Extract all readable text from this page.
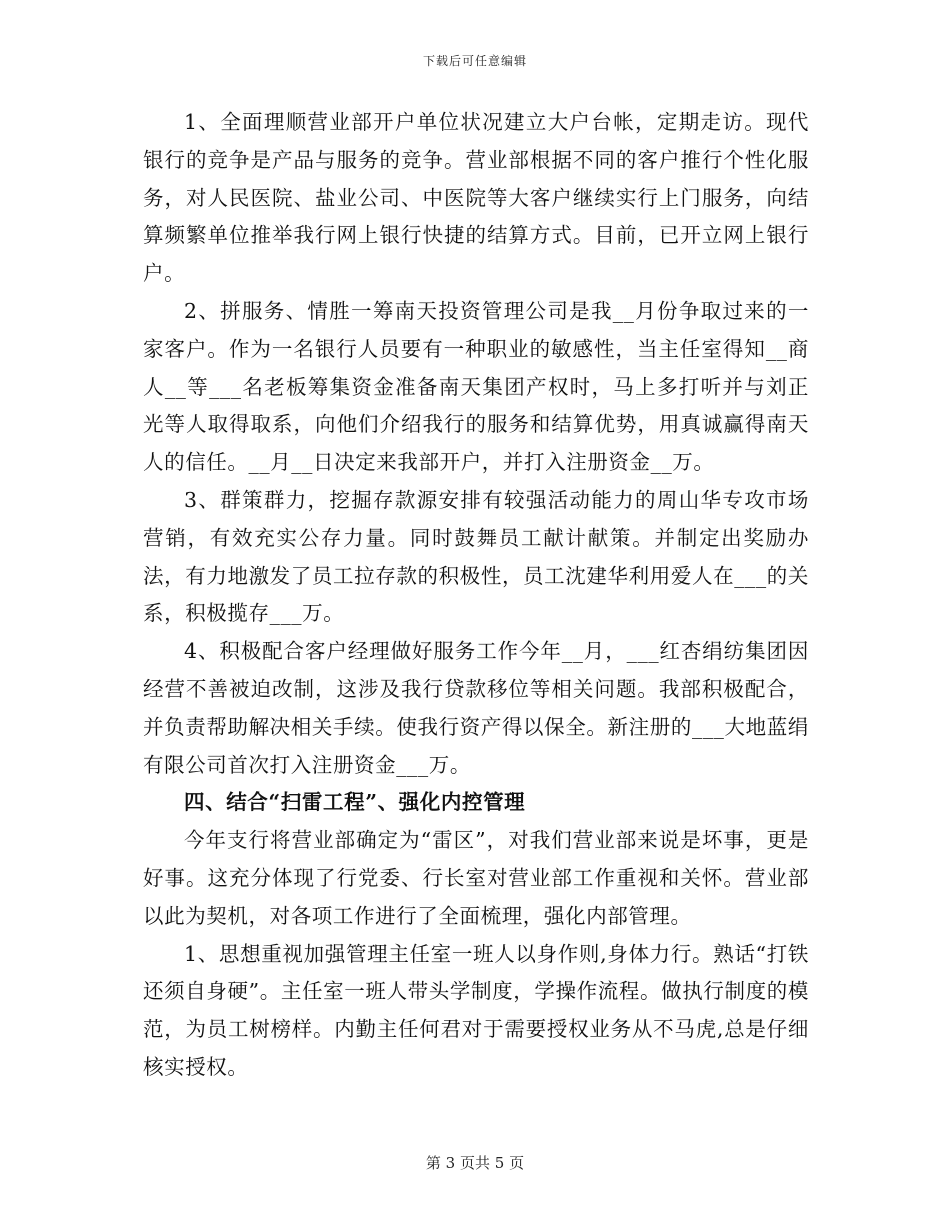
下载后可任意编辑

1、全面理顺营业部开户单位状况建立大户台帐，定期走访。现代银行的竞争是产品与服务的竞争。营业部根据不同的客户推行个性化服务，对人民医院、盐业公司、中医院等大客户继续实行上门服务，向结算频繁单位推举我行网上银行快捷的结算方式。目前，已开立网上银行户。

2、拼服务、情胜一筹南天投资管理公司是我__月份争取过来的一家客户。作为一名银行人员要有一种职业的敏感性，当主任室得知__商人__等___名老板筹集资金准备南天集团产权时，马上多打听并与刘正光等人取得取系，向他们介绍我行的服务和结算优势，用真诚赢得南天人的信任。__月__日决定来我部开户，并打入注册资金__万。

3、群策群力，挖掘存款源安排有较强活动能力的周山华专攻市场营销，有效充实公存力量。同时鼓舞员工献计献策。并制定出奖励办法，有力地激发了员工拉存款的积极性，员工沈建华利用爱人在___的关系，积极揽存___万。

4、积极配合客户经理做好服务工作今年__月，___红杏绢纺集团因经营不善被迫改制，这涉及我行贷款移位等相关问题。我部积极配合，并负责帮助解决相关手续。使我行资产得以保全。新注册的___大地蓝绢有限公司首次打入注册资金___万。

四、结合“扫雷工程”、强化内控管理

今年支行将营业部确定为“雷区”，对我们营业部来说是坏事，更是好事。这充分体现了行党委、行长室对营业部工作重视和关怀。营业部以此为契机，对各项工作进行了全面梳理，强化内部管理。

1、思想重视加强管理主任室一班人以身作则,身体力行。熟话“打铁还须自身硬”。主任室一班人带头学制度，学操作流程。做执行制度的模范，为员工树榜样。内勤主任何君对于需要授权业务从不马虎,总是仔细核实授权。

第 3 页共 5 页
